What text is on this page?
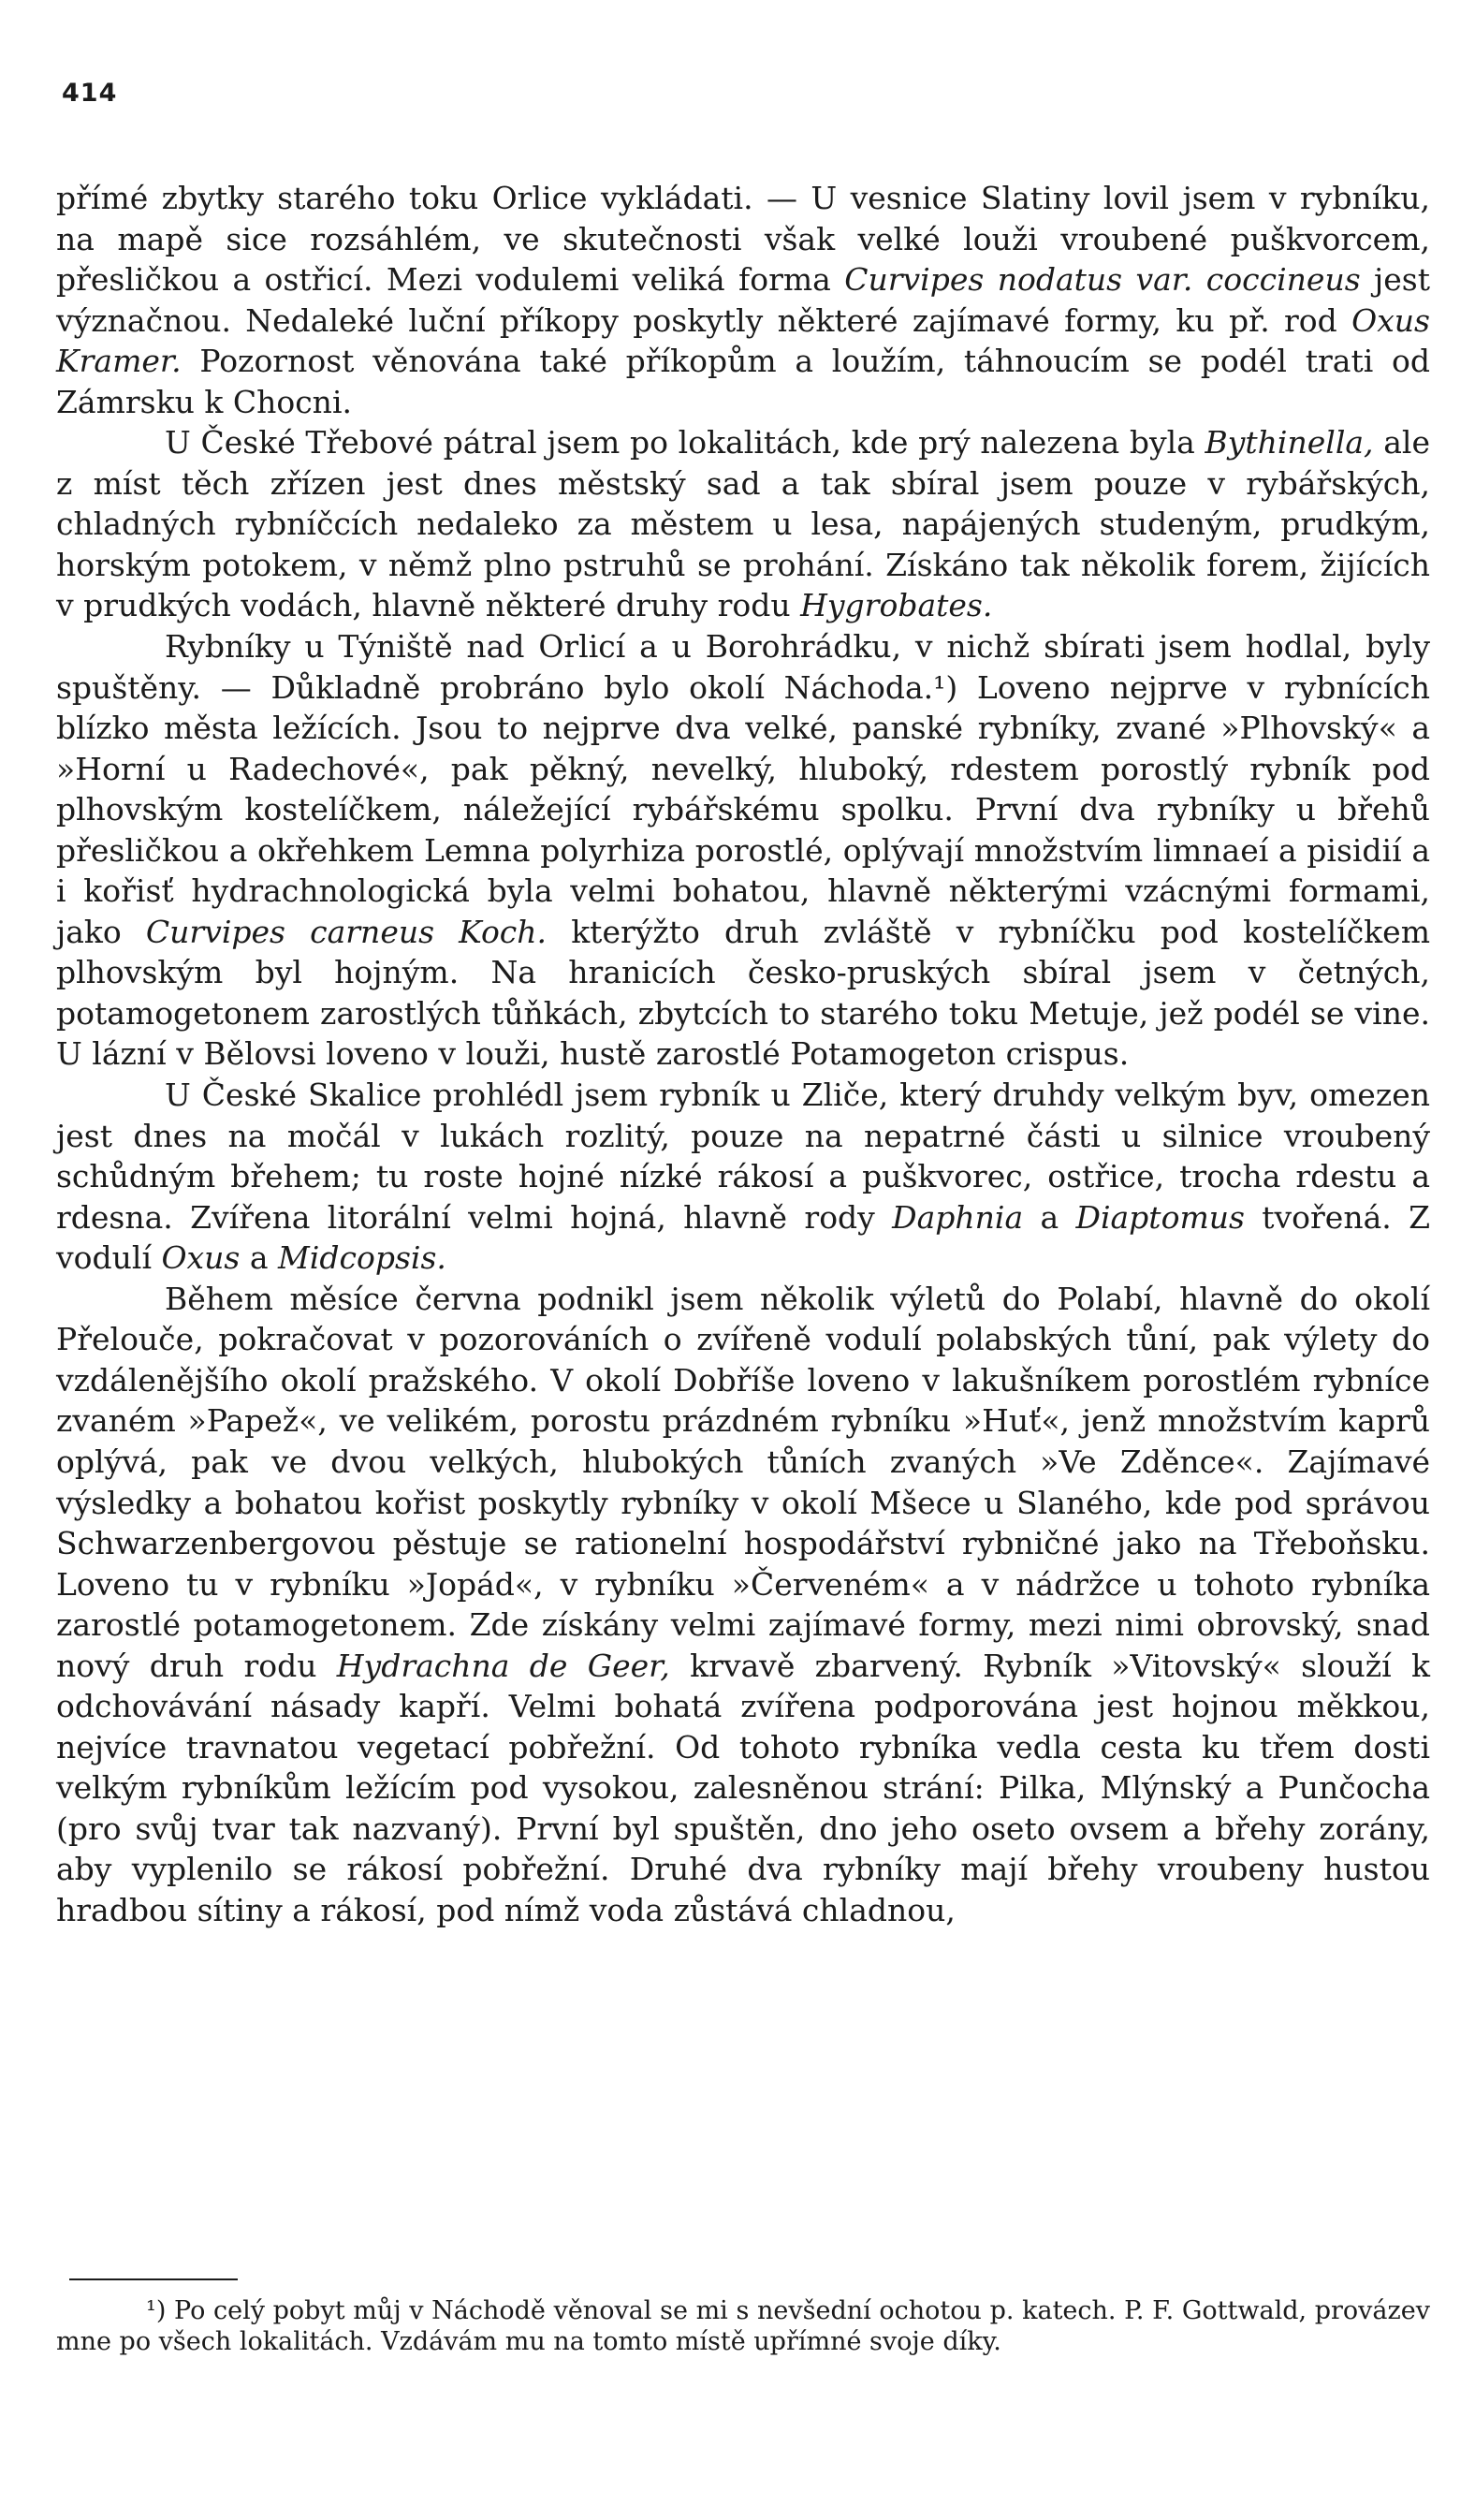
414

přímé zbytky starého toku Orlice vykládati. — U vesnice Slatiny lovil jsem v rybníku, na mapě sice rozsáhlém, ve skutečnosti však velké louži vroubené puškvorcem, přesličkou a ostřicí. Mezi vodulemi veliká forma Curvipes nodatus var. coccineus jest význačnou. Nedaleké luční příkopy poskytly některé zajímavé formy, ku př. rod Oxus Kramer. Pozornost věnována také příkopům a loužím, táhnoucím se podél trati od Zámrsku k Chocni.

U České Třebové pátral jsem po lokalitách, kde prý nalezena byla Bythinella, ale z míst těch zřízen jest dnes městský sad a tak sbíral jsem pouze v rybářských, chladných rybníčcích nedaleko za městem u lesa, napájených studeným, prudkým, horským potokem, v němž plno pstruhů se prohání. Získáno tak několik forem, žijících v prudkých vodách, hlavně některé druhy rodu Hygrobates.

Rybníky u Týniště nad Orlicí a u Borohrádku, v nichž sbírati jsem hodlal, byly spuštěny. — Důkladně probráno bylo okolí Náchoda.¹) Loveno nejprve v rybnících blízko města ležících. Jsou to nejprve dva velké, panské rybníky, zvané »Plhovský« a »Horní u Radechové«, pak pěkný, nevelký, hluboký, rdestem porostlý rybník pod plhovským kostelíčkem, náležející rybářskému spolku. První dva rybníky u břehů přesličkou a okřehkem Lemna polyrhiza porostlé, oplývají množstvím limnaeí a pisidií a i kořisť hydrachnologická byla velmi bohatou, hlavně některými vzácnými formami, jako Curvipes carneus Koch. kterýžto druh zvláště v rybníčku pod kostelíčkem plhovským byl hojným. Na hranicích česko-pruských sbíral jsem v četných, potamogetonem zarostlých tůňkách, zbytcích to starého toku Metuje, jež podél se vine. U lázní v Bělovsi loveno v louži, hustě zarostlé Potamogeton crispus.

U České Skalice prohlédl jsem rybník u Zliče, který druhdy velkým byv, omezen jest dnes na močál v lukách rozlitý, pouze na nepatrné části u silnice vroubený schůdným břehem; tu roste hojné nízké rákosí a puškvorec, ostřice, trocha rdestu a rdesna. Zvířena litorální velmi hojná, hlavně rody Daphnia a Diaptomus tvořená. Z vodulí Oxus a Midcopsis.

Během měsíce června podnikl jsem několik výletů do Polabí, hlavně do okolí Přelouče, pokračovat v pozorováních o zvířeně vodulí polabských tůní, pak výlety do vzdálenějšího okolí pražského. V okolí Dobříše loveno v lakušníkem porostlém rybníce zvaném »Papež«, ve velikém, porostu prázdném rybníku »Huť«, jenž množstvím kaprů oplývá, pak ve dvou velkých, hlubokých tůních zvaných »Ve Zděnce«. Zajímavé výsledky a bohatou kořist poskytly rybníky v okolí Mšece u Slaného, kde pod správou Schwarzenbergovou pěstuje se rationelní hospodářství rybničné jako na Třeboňsku. Loveno tu v rybníku »Jopád«, v rybníku »Červeném« a v nádržce u tohoto rybníka zarostlé potamogetonem. Zde získány velmi zajímavé formy, mezi nimi obrovský, snad nový druh rodu Hydrachna de Geer, krvavě zbarvený. Rybník »Vitovský« slouží k odchovávání násady kapří. Velmi bohatá zvířena podporována jest hojnou měkkou, nejvíce travnatou vegetací pobřežní. Od tohoto rybníka vedla cesta ku třem dosti velkým rybníkům ležícím pod vysokou, zalesněnou strání: Pilka, Mlýnský a Punčocha (pro svůj tvar tak nazvaný). První byl spuštěn, dno jeho oseto ovsem a břehy zorány, aby vyplenilo se rákosí pobřežní. Druhé dva rybníky mají břehy vroubeny hustou hradbou sítiny a rákosí, pod nímž voda zůstává chladnou,

¹) Po celý pobyt můj v Náchodě věnoval se mi s nevšední ochotou p. katech. P. F. Gottwald, provázev mne po všech lokalitách. Vzdávám mu na tomto místě upřímné svoje díky.
